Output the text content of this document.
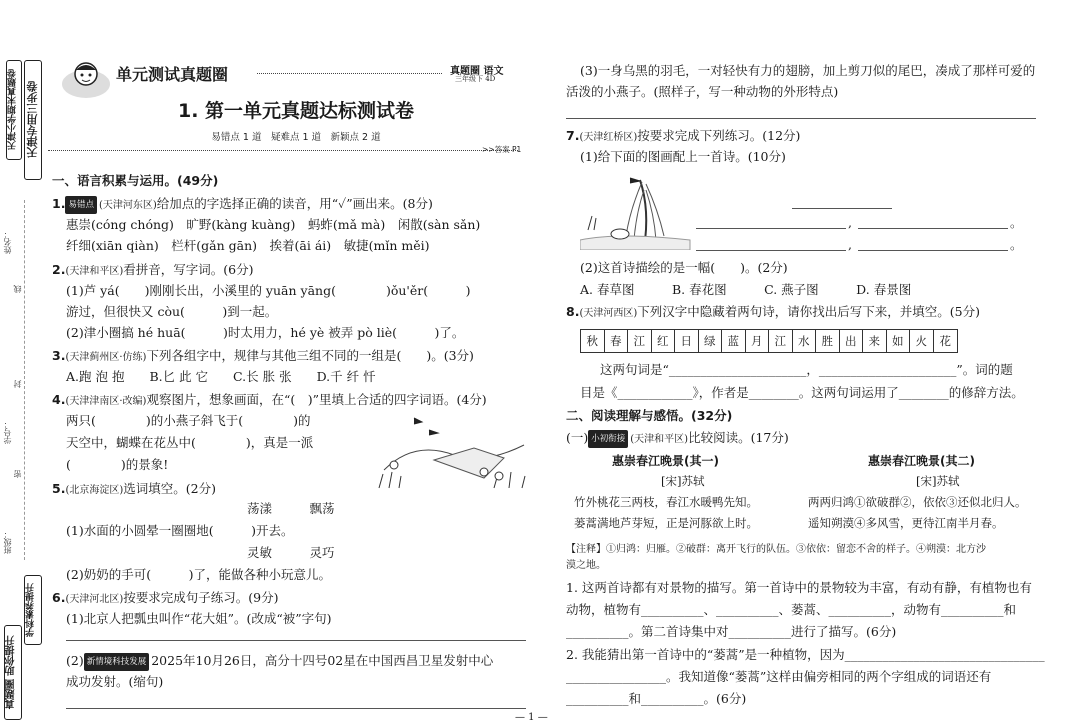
天津小学期末真题卷 天津专用三步卷
线
封
密
姓名：
学号：
班级：
学科素养提升
真题圈 助你提升
单元测试真题圈	真题圈 语文
三年级下 4D
1. 第一单元真题达标测试卷
易错点 1 道　疑难点 1 道　新颖点 2 道
>>答案 P1
一、语言积累与运用。(49分)
1. 易错点 (天津河东区)给加点的字选择正确的读音，用“✓”画出来。(8分)
惠崇(cóng chóng)　旷野(kàng kuàng)　蚂蚱(mǎ mà)　闲散(sàn sǎn)
纤细(xiān qiàn)　栏杆(gǎn gān)　挨着(āi ái)　敏捷(mǐn měi)
2.(天津和平区)看拼音，写字词。(6分)
(1)芦 yá(　　)刚刚长出，小溪里的 yuān yāng(　　　　)ǒu'ěr(　　　)
游过，但很快又 còu(　　　)到一起。
(2)津小圈搞 hé huā(　　　)时太用力，hé yè 被弄 pò liè(　　　)了。
3.(天津蓟州区·仿练)下列各组字中，规律与其他三组不同的一组是(　　)。(3分)
A.跑 泡 抱　　B.匕 此 它　　C.长 胀 张　　D.千 纤 忏
4.(天津津南区·改编)观察图片，想象画面，在“(　)”里填上合适的四字词语。(4分)
两只(　　　　)的小燕子斜飞于(　　　　)的
天空中，蝴蝶在花丛中(　　　　)，真是一派
(　　　　)的景象!
5.(北京海淀区)选词填空。(2分)
荡漾　　　飘荡
(1)水面的小圆晕一圈圈地(　　　)开去。
灵敏　　　灵巧
(2)奶奶的手可(　　　)了，能做各种小玩意儿。
6.(天津河北区)按要求完成句子练习。(9分)
(1)北京人把瓢虫叫作“花大姐”。(改成“被”字句)
(2) 新情境科技发展 2025年10月26日，高分十四号02星在中国西昌卫星发射中心
成功发射。(缩句)
(3)一身乌黑的羽毛，一对轻快有力的翅膀，加上剪刀似的尾巴，凑成了那样可爱的
活泼的小燕子。(照样子，写一种动物的外形特点)
7.(天津红桥区)按要求完成下列练习。(12分)
(1)给下面的图画配上一首诗。(10分)
,	。
,	。
(2)这首诗描绘的是一幅(　　)。(2分)
A. 春草图　　　B. 春花图　　　C. 燕子图　　　D. 春景图
8.(天津河西区)下列汉字中隐藏着两句诗，请你找出后写下来，并填空。(5分)
秋	春	江	红	日	绿	蓝	月	江	水	胜	出	来	如	火	花
这两句词是“______________________，______________________”。词的题
目是《____________》，作者是________。这两句词运用了________的修辞方法。
二、阅读理解与感悟。(32分)
(一) 小初衔接 (天津和平区)比较阅读。(17分)
惠崇春江晚景(其一)
[宋]苏轼
竹外桃花三两枝，春江水暖鸭先知。
蒌蒿满地芦芽短，正是河豚欲上时。
惠崇春江晚景(其二)
[宋]苏轼
两两归鸿①欲破群②，依依③还似北归人。
遥知朔漠④多风雪，更待江南半月春。
【注释】①归鸿：归雁。②破群：离开飞行的队伍。③依依：留恋不舍的样子。④朔漠：北方沙
漠之地。
1. 这两首诗都有对景物的描写。第一首诗中的景物较为丰富，有动有静，有植物也有
动物，植物有__________、__________、蒌蒿、__________，动物有__________和
__________。第二首诗集中对__________进行了描写。(6分)
2. 我能猜出第一首诗中的“蒌蒿”是一种植物，因为________________________________
________________。我知道像“蒌蒿”这样由偏旁相同的两个字组成的词语还有
__________和__________。(6分)
— 1 —
